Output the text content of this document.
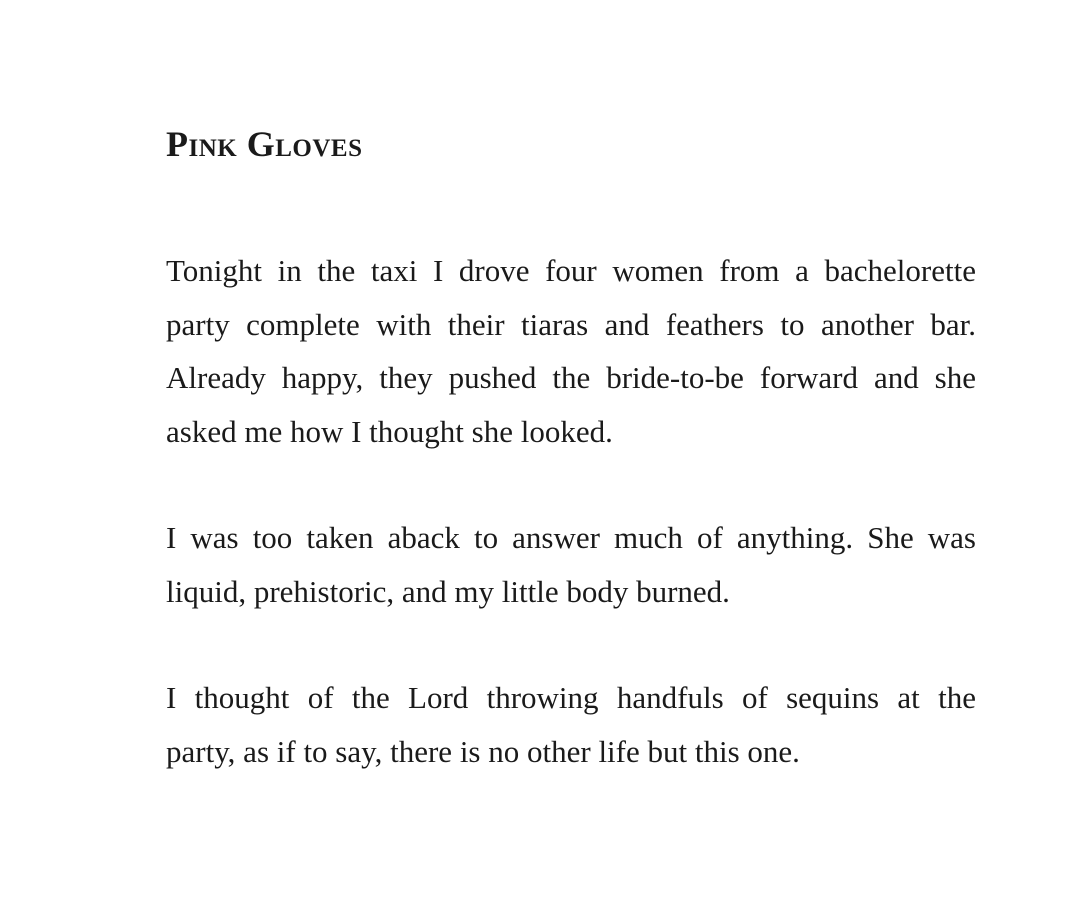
Pink Gloves

Tonight in the taxi I drove four women from a bachelorette
party complete with their tiaras and feathers to another bar.
Already happy, they pushed the bride-to-be forward and she
asked me how I thought she looked.

I was too taken aback to answer much of anything. She was
liquid, prehistoric, and my little body burned.

I thought of the Lord throwing handfuls of sequins at the
party, as if to say, there is no other life but this one.
